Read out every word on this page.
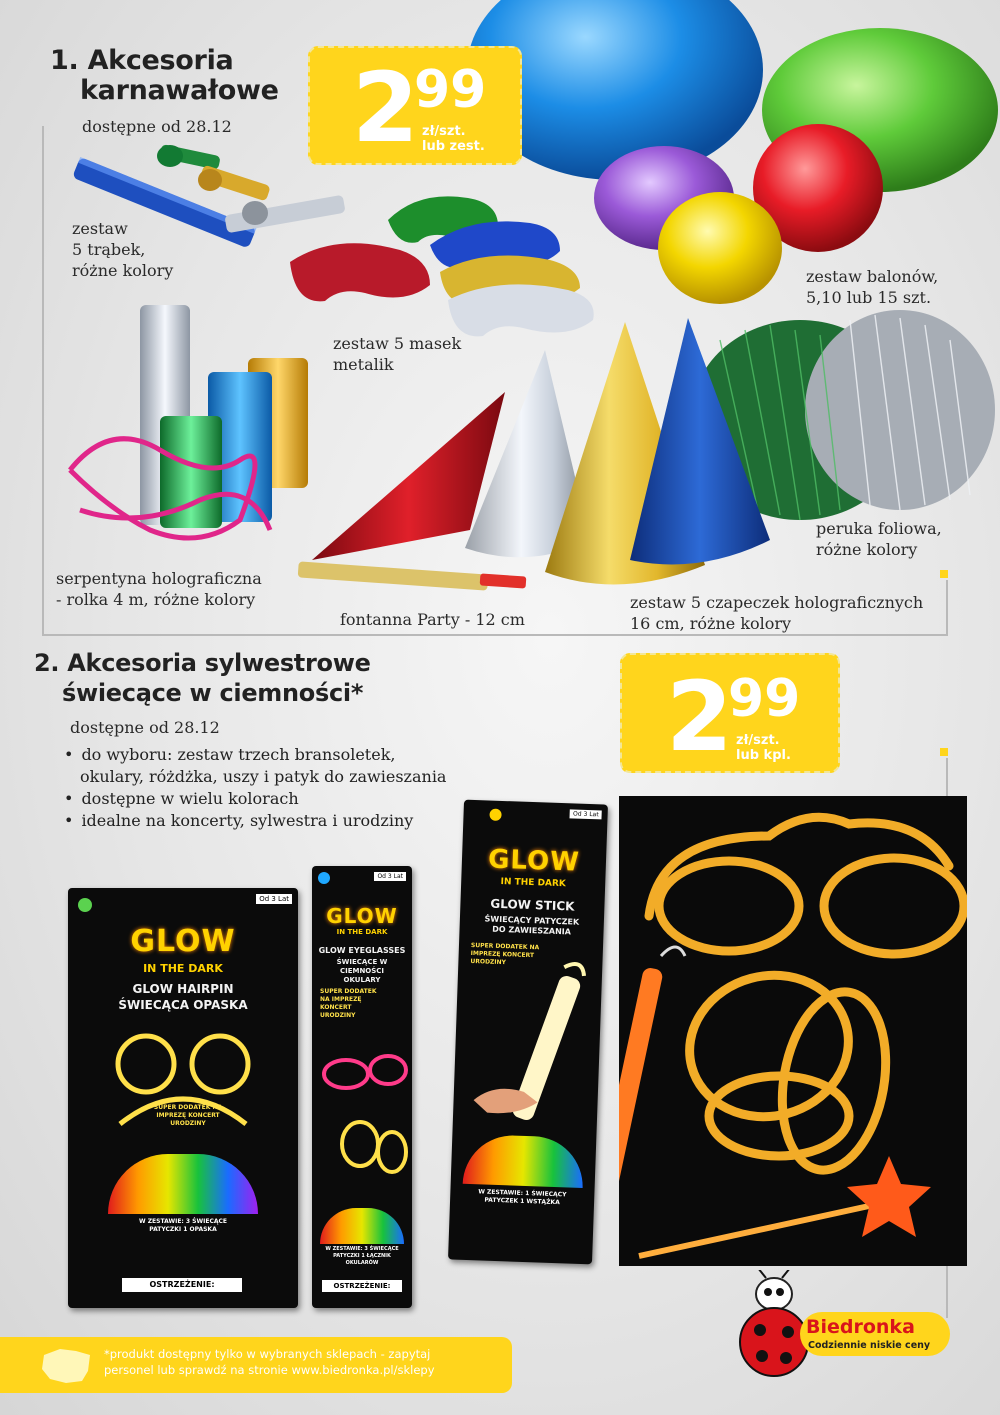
1. Akcesoria
karnawałowe
dostępne od 28.12 2
99
zł/szt.
lub zest.
zestaw
5 trąbek,
różne kolory
zestaw 5 masek
metalik
zestaw balonów,
5,10 lub 15 szt.
peruka foliowa,
różne kolory
serpentyna holograficzna
- rolka 4 m, różne kolory
fontanna Party - 12 cm
zestaw 5 czapeczek holograficznych
16 cm, różne kolory
2. Akcesoria sylwestrowe
świecące w ciemności*
dostępne od 28.12
• do wyboru: zestaw trzech bransoletek,
okulary, różdżka, uszy i patyk do zawieszania
• dostępne w wielu kolorach
• idealne na koncerty, sylwestra i urodziny
2
99
zł/szt.
lub kpl.
Od 3 Lat
GLOW
IN THE DARK
GLOW HAIRPIN
ŚWIECĄCA OPASKA
SUPER DODATEK NA IMPREZĘ KONCERT URODZINY
W ZESTAWIE: 3 ŚWIECĄCE PATYCZKI 1 OPASKA
OSTRZEŻENIE:
Od 3 Lat
GLOW
IN THE DARK
GLOW EYEGLASSES
ŚWIECĄCE W CIEMNOŚCI OKULARY
SUPER DODATEK NA IMPREZĘ KONCERT URODZINY
W ZESTAWIE: 3 ŚWIECĄCE PATYCZKI 1 ŁĄCZNIK OKULARÓW
OSTRZEŻENIE:
Od 3 Lat
GLOW
IN THE DARK
GLOW STICK
ŚWIECĄCY PATYCZEK DO ZAWIESZANIA
SUPER DODATEK NA IMPREZĘ KONCERT URODZINY
W ZESTAWIE: 1 ŚWIECĄCY PATYCZEK 1 WSTĄŻKA
*produkt dostępny tylko w wybranych sklepach - zapytaj
personel lub sprawdź na stronie www.biedronka.pl/sklepy
Biedronka
Codziennie niskie ceny
